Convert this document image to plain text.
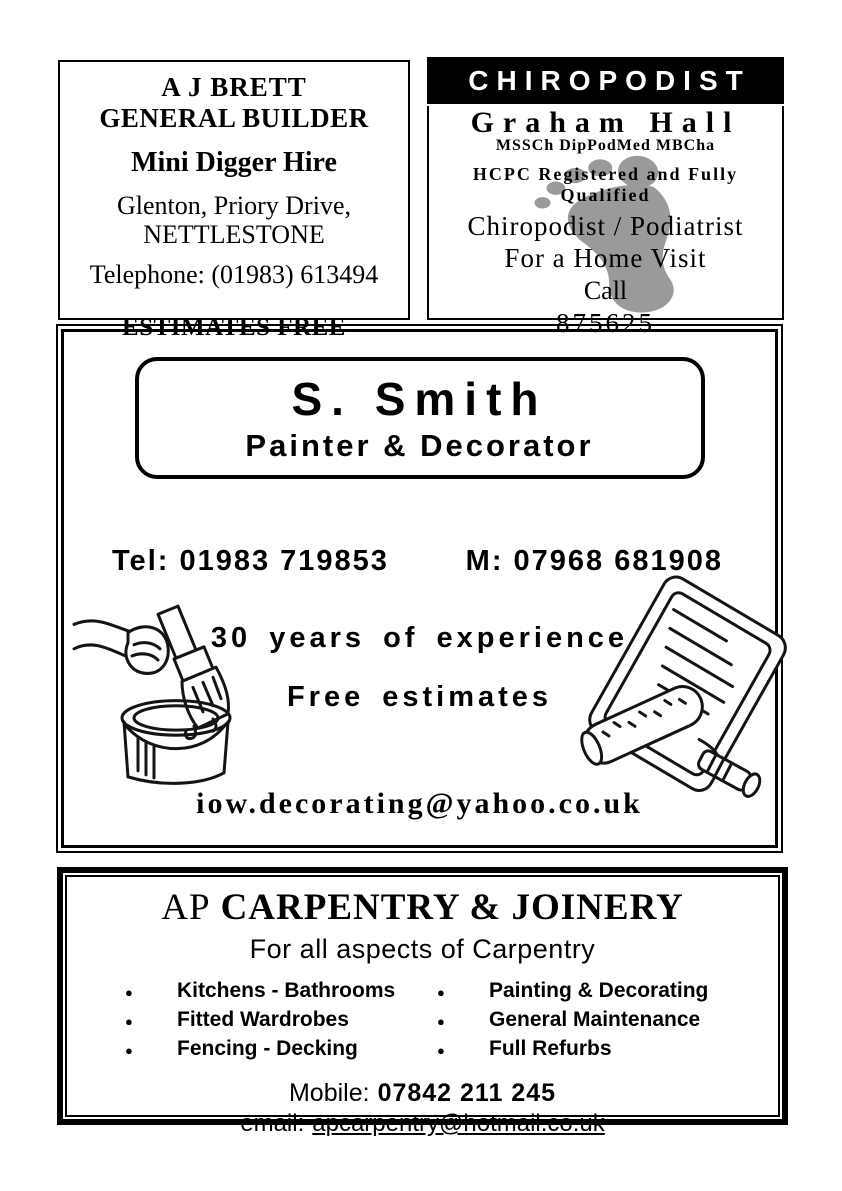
A J BRETT
GENERAL BUILDER
Mini Digger Hire
Glenton, Priory Drive,
NETTLESTONE
Telephone: (01983) 613494
ESTIMATES FREE
CHIROPODIST
Graham Hall
MSSCh DipPodMed MBCha
HCPC Registered and Fully Qualified
Chiropodist / Podiatrist
For a Home Visit
Call
875625
S. Smith
Painter & Decorator
Tel: 01983 719853	M: 07968 681908
30 years of experience
Free estimates
iow.decorating@yahoo.co.uk
AP CARPENTRY & JOINERY
For all aspects of Carpentry
● Kitchens - Bathrooms
● Fitted Wardrobes
● Fencing - Decking
● Painting & Decorating
● General Maintenance
● Full Refurbs
Mobile: 07842 211 245
email: apcarpentry@hotmail.co.uk
